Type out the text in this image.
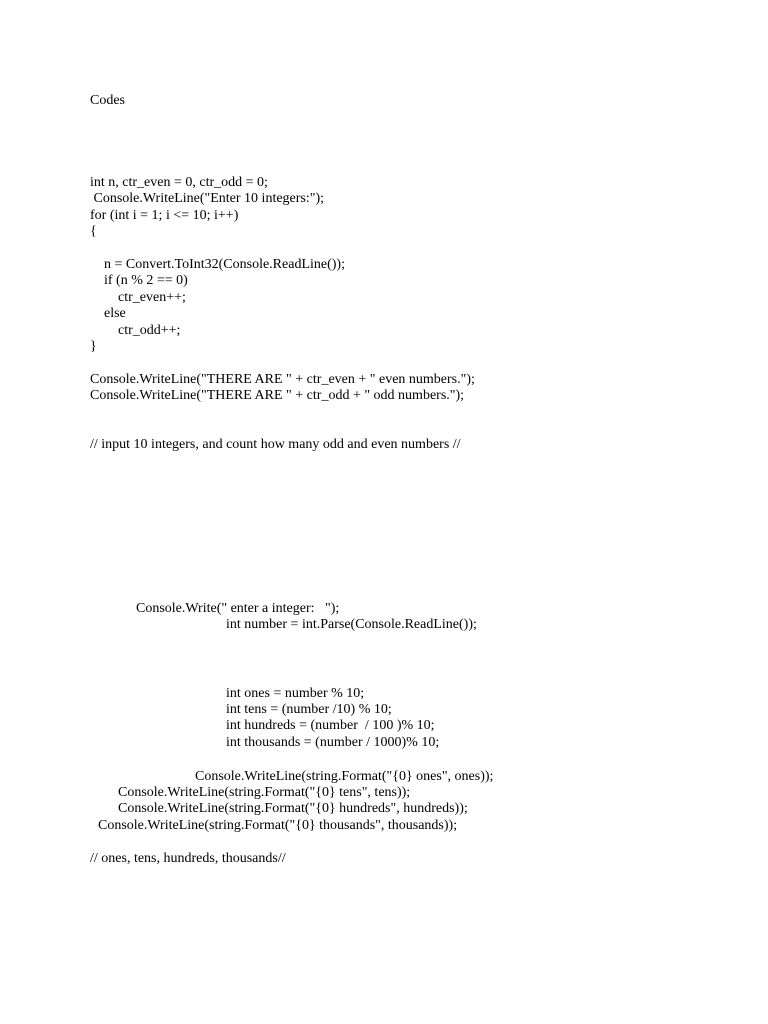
Codes

int n, ctr_even = 0, ctr_odd = 0;

Console.WriteLine("Enter 10 integers:");

for (int i = 1; i <= 10; i++)

{

n = Convert.ToInt32(Console.ReadLine());

if (n % 2 == 0)

ctr_even++;

else

ctr_odd++;

}

Console.WriteLine("THERE ARE " + ctr_even + " even numbers.");

Console.WriteLine("THERE ARE " + ctr_odd + " odd numbers.");

// input 10 integers, and count how many odd and even numbers //

Console.Write(" enter a integer:   ");

int number = int.Parse(Console.ReadLine());

int ones = number % 10;

int tens = (number /10) % 10;

int hundreds = (number  / 100 )% 10;

int thousands = (number / 1000)% 10;

Console.WriteLine(string.Format("{0} ones", ones));

Console.WriteLine(string.Format("{0} tens", tens));

Console.WriteLine(string.Format("{0} hundreds", hundreds));

Console.WriteLine(string.Format("{0} thousands", thousands));

// ones, tens, hundreds, thousands//
